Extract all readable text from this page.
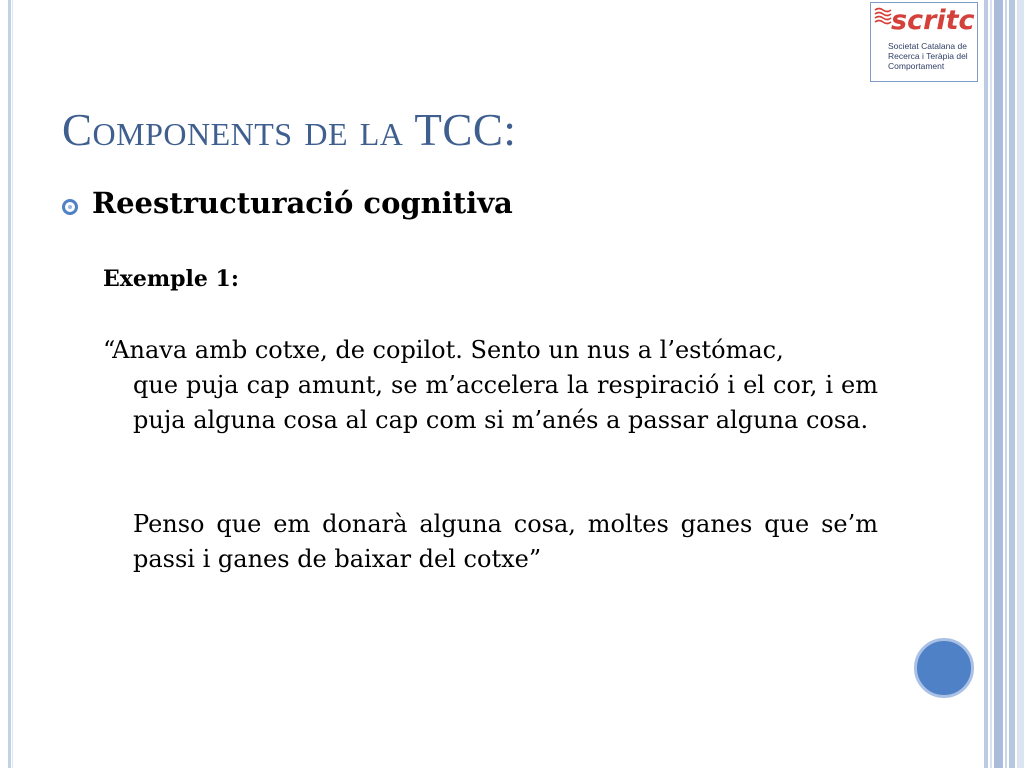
scritc
Societat Catalana de Recerca i Teràpia del Comportament
Components de la TCC:
Reestructuració cognitiva
Exemple 1:
“Anava amb cotxe, de copilot. Sento un nus a l’estómac,
que puja cap amunt, se m’accelera la respiració i el cor, i em puja alguna cosa al cap com si m’anés a passar alguna cosa.
Penso que em donarà alguna cosa, moltes ganes que se’m passi i ganes de baixar del cotxe”
